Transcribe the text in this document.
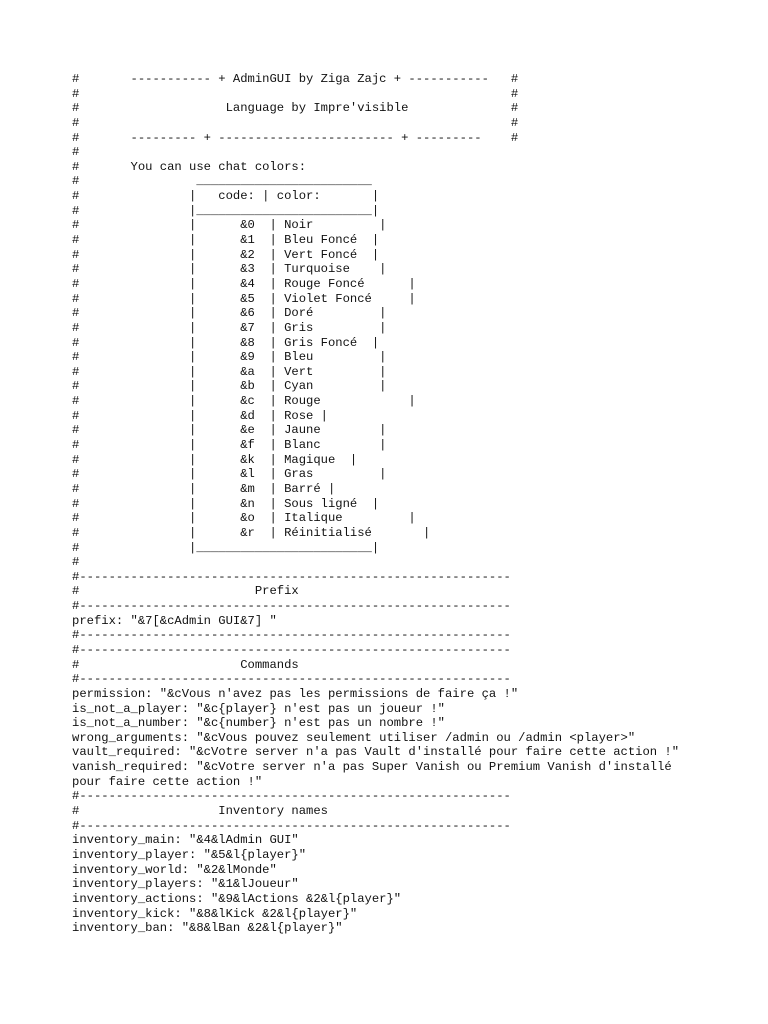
#       ----------- + AdminGUI by Ziga Zajc + -----------   #
#                                                           #
#                    Language by Impre'visible              #
#                                                           #
#       --------- + ------------------------ + ---------    #
#
#       You can use chat colors:
#                ________________________
#               |   code: | color:       |
#               |________________________|
#               |      &0  | Noir         |
#               |      &1  | Bleu Foncé  |
#               |      &2  | Vert Foncé  |
#               |      &3  | Turquoise    |
#               |      &4  | Rouge Foncé      |
#               |      &5  | Violet Foncé     |
#               |      &6  | Doré         |
#               |      &7  | Gris         |
#               |      &8  | Gris Foncé  |
#               |      &9  | Bleu         |
#               |      &a  | Vert         |
#               |      &b  | Cyan         |
#               |      &c  | Rouge            |
#               |      &d  | Rose |
#               |      &e  | Jaune        |
#               |      &f  | Blanc        |
#               |      &k  | Magique  |
#               |      &l  | Gras         |
#               |      &m  | Barré |
#               |      &n  | Sous ligné  |
#               |      &o  | Italique         |
#               |      &r  | Réinitialisé       |
#               |________________________|
#
#-----------------------------------------------------------
#                        Prefix
#-----------------------------------------------------------
prefix: "&7[&cAdmin GUI&7] "
#-----------------------------------------------------------
#-----------------------------------------------------------
#                      Commands
#-----------------------------------------------------------
permission: "&cVous n'avez pas les permissions de faire ça !"
is_not_a_player: "&c{player} n'est pas un joueur !"
is_not_a_number: "&c{number} n'est pas un nombre !"
wrong_arguments: "&cVous pouvez seulement utiliser /admin ou /admin <player>"
vault_required: "&cVotre server n'a pas Vault d'installé pour faire cette action !"
vanish_required: "&cVotre server n'a pas Super Vanish ou Premium Vanish d'installé
pour faire cette action !"
#-----------------------------------------------------------
#                   Inventory names
#-----------------------------------------------------------
inventory_main: "&4&lAdmin GUI"
inventory_player: "&5&l{player}"
inventory_world: "&2&lMonde"
inventory_players: "&1&lJoueur"
inventory_actions: "&9&lActions &2&l{player}"
inventory_kick: "&8&lKick &2&l{player}"
inventory_ban: "&8&lBan &2&l{player}"
